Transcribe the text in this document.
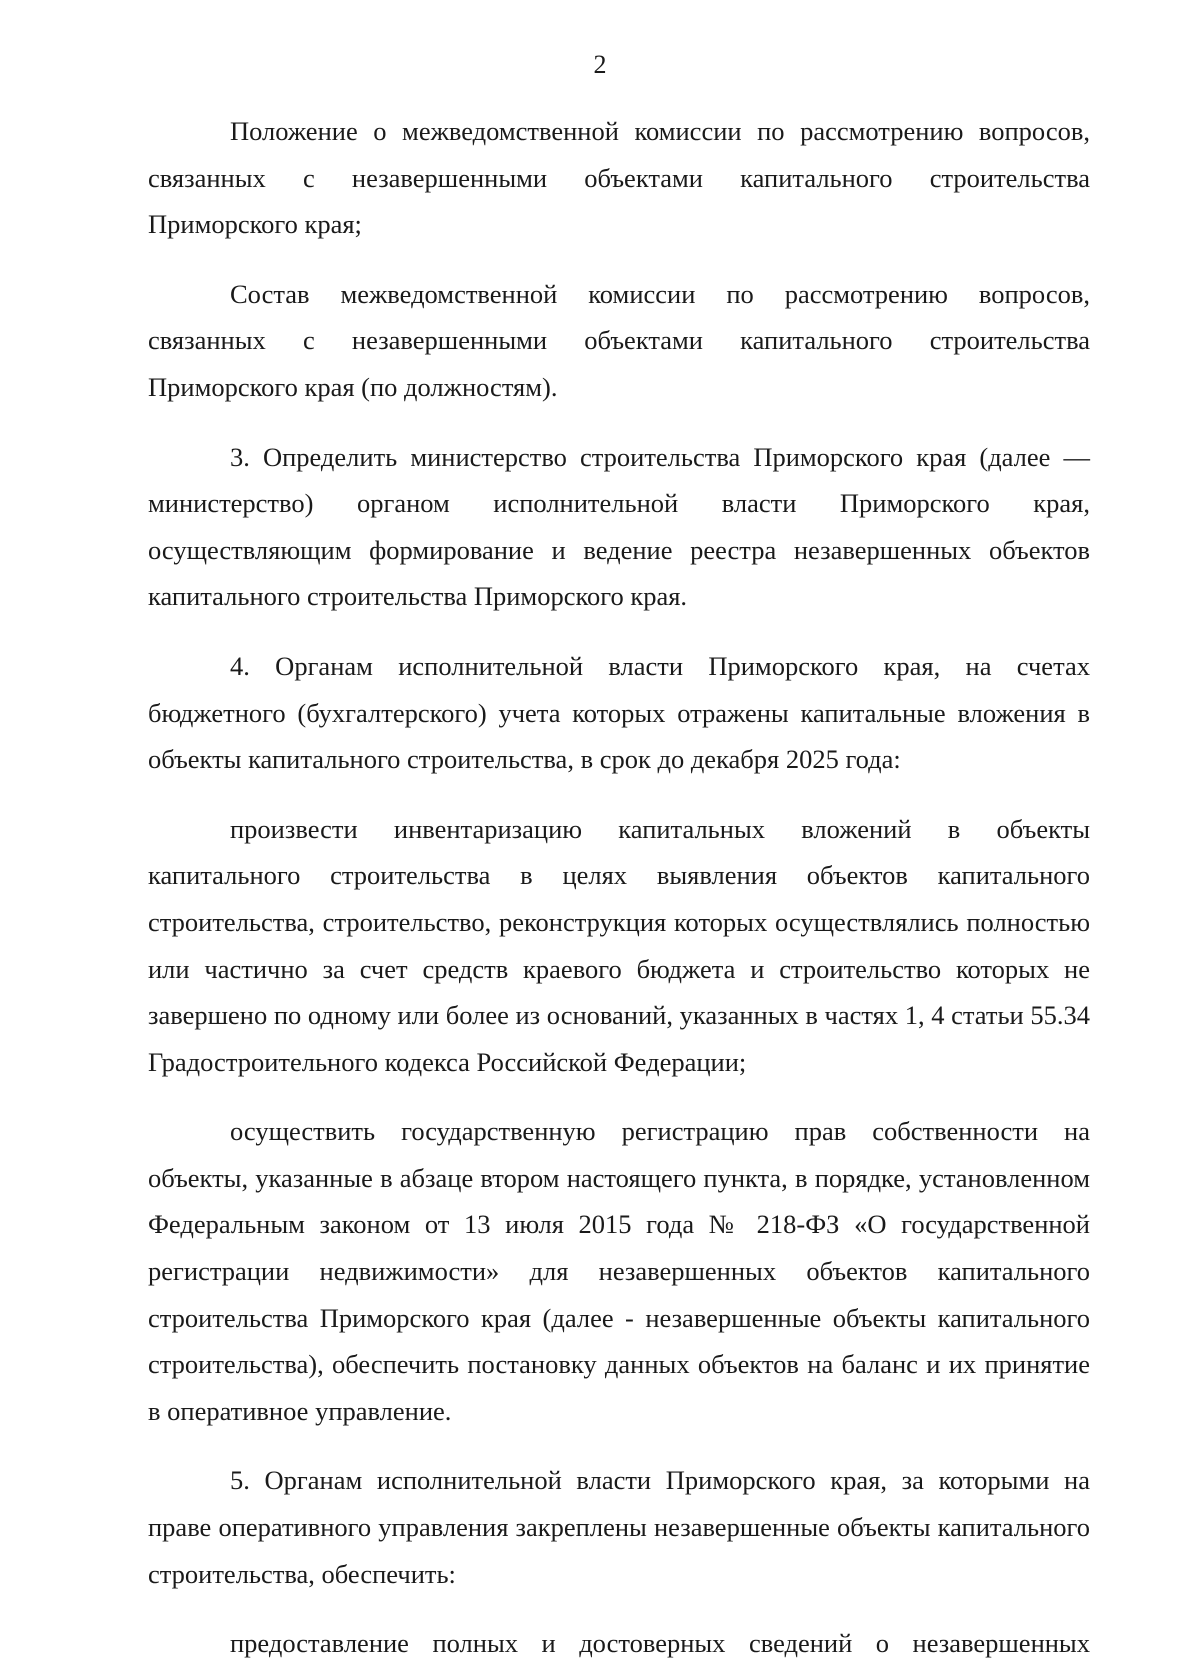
2

Положение о межведомственной комиссии по рассмотрению вопросов, связанных с незавершенными объектами капитального строительства Приморского края;

Состав межведомственной комиссии по рассмотрению вопросов, связанных с незавершенными объектами капитального строительства Приморского края (по должностям).

3. Определить министерство строительства Приморского края (далее — министерство) органом исполнительной власти Приморского края, осуществляющим формирование и ведение реестра незавершенных объектов капитального строительства Приморского края.

4. Органам исполнительной власти Приморского края, на счетах бюджетного (бухгалтерского) учета которых отражены капитальные вложения в объекты капитального строительства, в срок до декабря 2025 года:

произвести инвентаризацию капитальных вложений в объекты капитального строительства в целях выявления объектов капитального строительства, строительство, реконструкция которых осуществлялись полностью или частично за счет средств краевого бюджета и строительство которых не завершено по одному или более из оснований, указанных в частях 1, 4 статьи 55.34 Градостроительного кодекса Российской Федерации;

осуществить государственную регистрацию прав собственности на объекты, указанные в абзаце втором настоящего пункта, в порядке, установленном Федеральным законом от 13 июля 2015 года № 218-ФЗ «О государственной регистрации недвижимости» для незавершенных объектов капитального строительства Приморского края (далее - незавершенные объекты капитального строительства), обеспечить постановку данных объектов на баланс и их принятие в оперативное управление.

5. Органам исполнительной власти Приморского края, за которыми на праве оперативного управления закреплены незавершенные объекты капитального строительства, обеспечить:

предоставление полных и достоверных сведений о незавершенных
